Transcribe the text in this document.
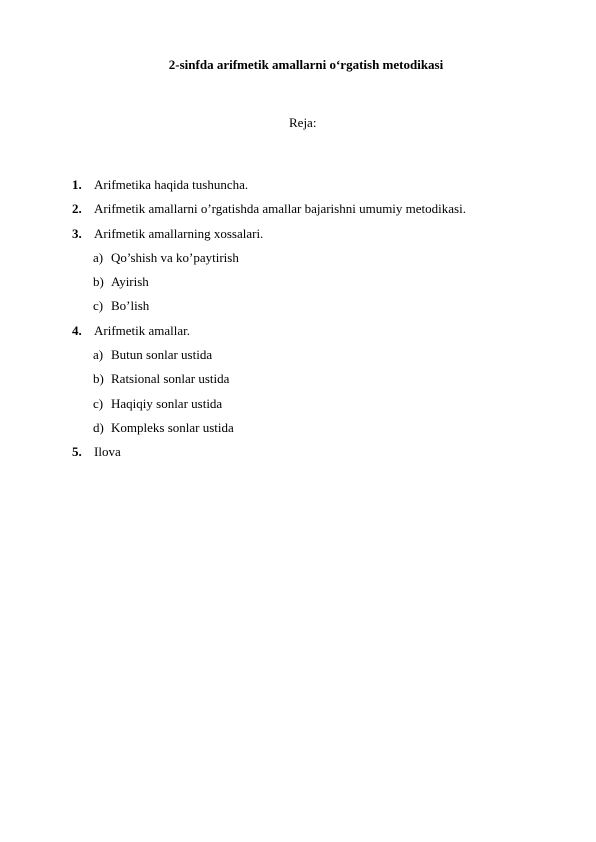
2-sinfda arifmetik amallarni o‘rgatish metodikasi
Reja:
1. Arifmetika haqida tushuncha.
2. Arifmetik amallarni o’rgatishda amallar bajarishni umumiy metodikasi.
3. Arifmetik amallarning xossalari.
a) Qo’shish va ko’paytirish
b) Ayirish
c) Bo’lish
4. Arifmetik amallar.
a) Butun sonlar ustida
b) Ratsional sonlar ustida
c) Haqiqiy sonlar ustida
d) Kompleks sonlar ustida
5. Ilova
